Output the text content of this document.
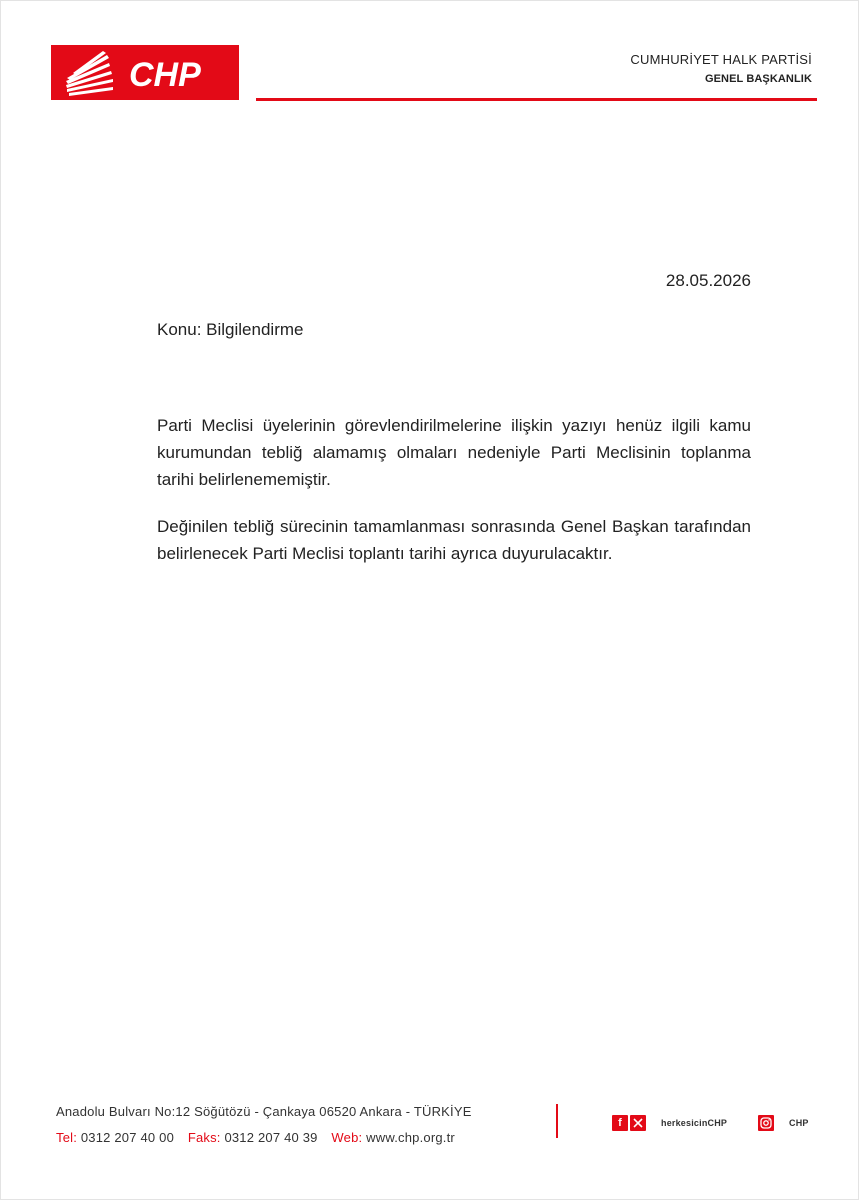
CHP	CUMHURİYET HALK PARTİSİ
GENEL BAŞKANLIK
28.05.2026
Konu: Bilgilendirme

Parti Meclisi üyelerinin görevlendirilmelerine ilişkin yazıyı henüz ilgili kamu kurumundan tebliğ alamamış olmaları nedeniyle Parti Meclisinin toplanma tarihi belirlenememiştir.

Değinilen tebliğ sürecinin tamamlanması sonrasında Genel Başkan tarafından belirlenecek Parti Meclisi toplantı tarihi ayrıca duyurulacaktır.

Anadolu Bulvarı No:12 Söğütözü - Çankaya 06520 Ankara - TÜRKİYE
Tel: 0312 207 40 00 Faks: 0312 207 40 39 Web: www.chp.org.tr
f	herkesicinCHP	CHP
